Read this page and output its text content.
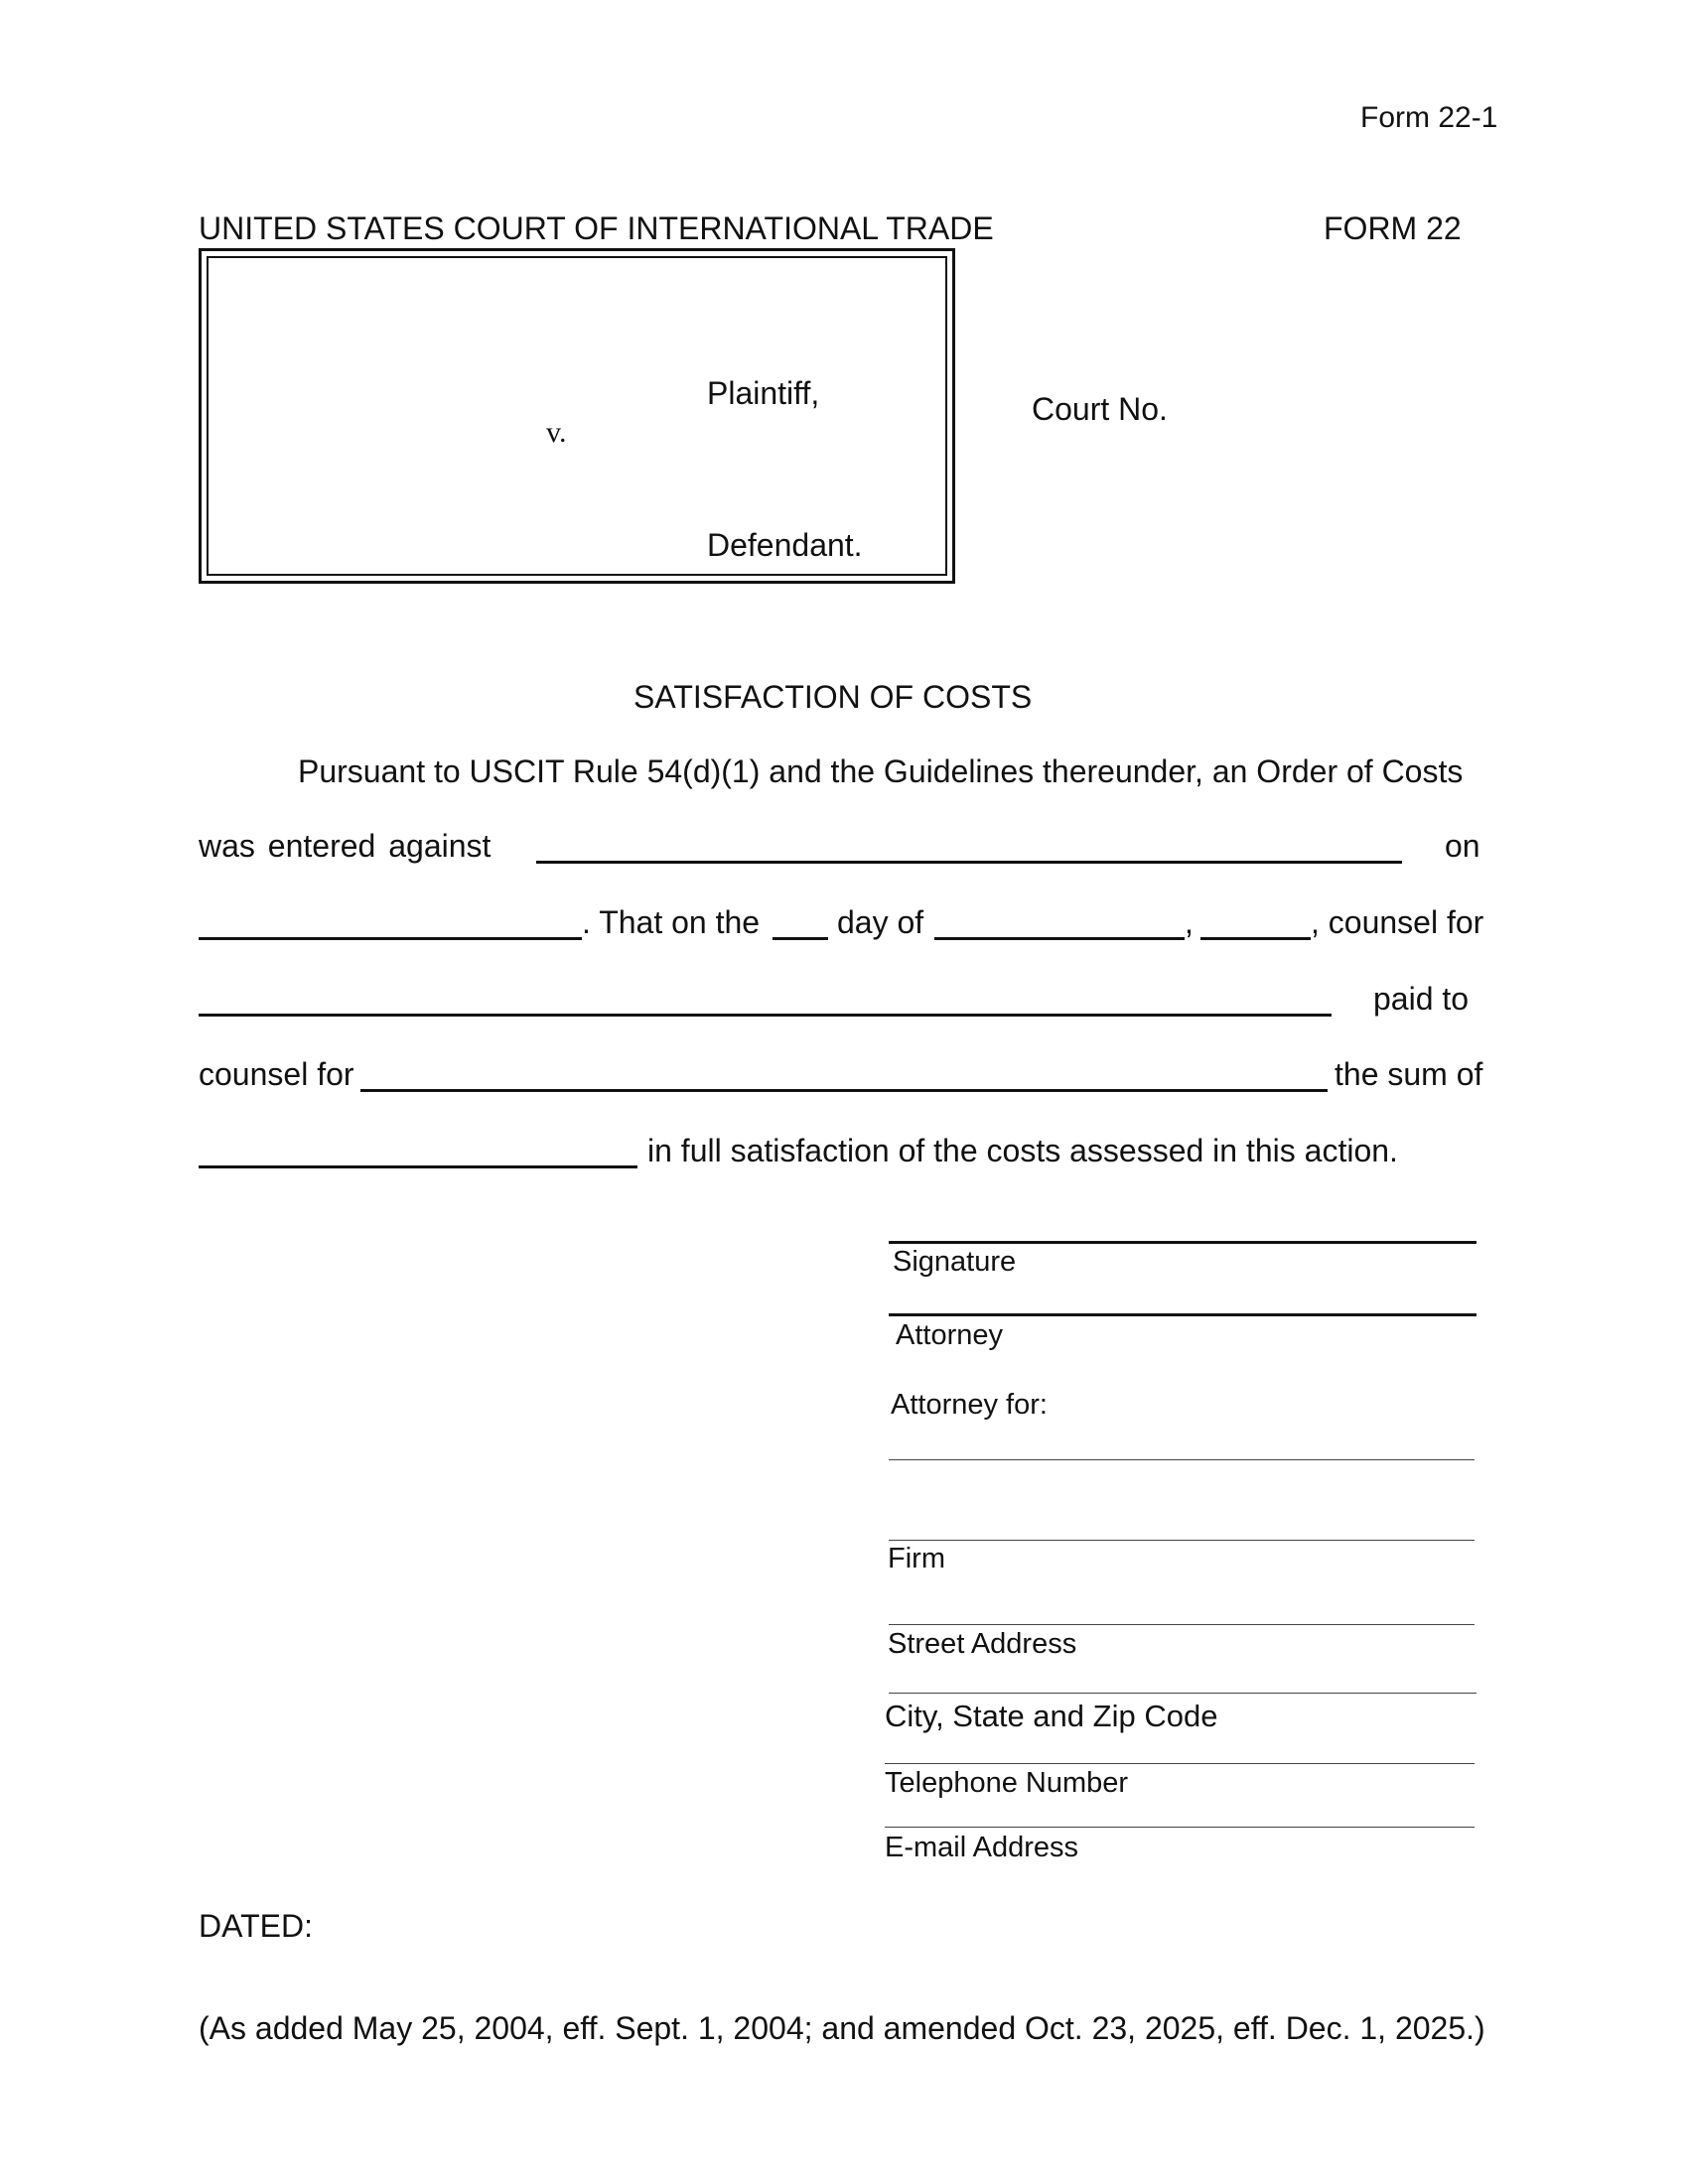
Form 22-1
UNITED STATES COURT OF INTERNATIONAL TRADE	FORM 22
Plaintiff,
v.
Defendant.
Court No.
SATISFACTION OF COSTS
Pursuant to USCIT Rule 54(d)(1) and the Guidelines thereunder, an Order of Costs
was entered against	on
. That on the day of	,	, counsel for
paid to
counsel for	the sum of
in full satisfaction of the costs assessed in this action.
Signature
Attorney
Attorney for:
Firm
Street Address
City, State and Zip Code
Telephone Number
E-mail Address
DATED:
(As added May 25, 2004, eff. Sept. 1, 2004; and amended Oct. 23, 2025, eff. Dec. 1, 2025.)
